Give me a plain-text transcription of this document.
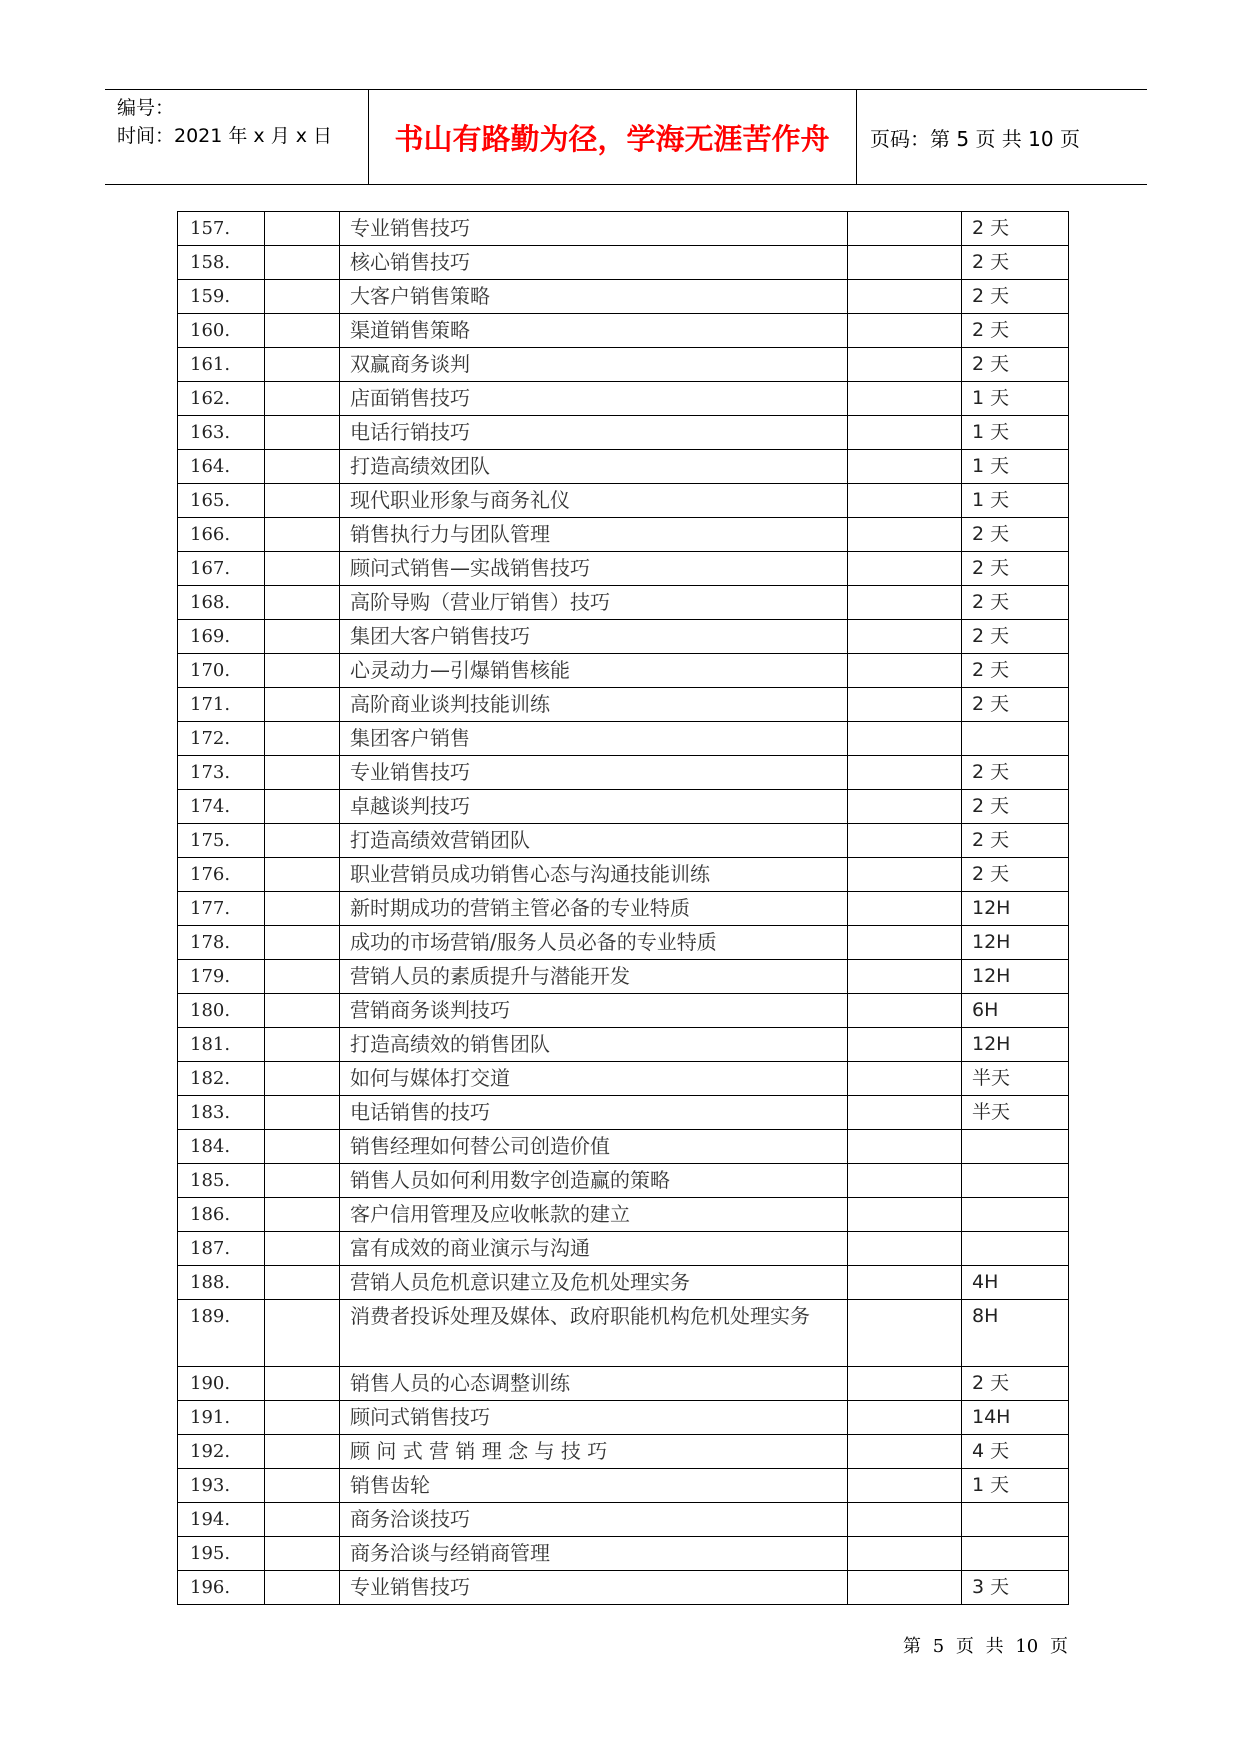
编号：
时间：2021 年 x 月 x 日	书山有路勤为径，学海无涯苦作舟	页码：第 5 页 共 10 页
157.		专业销售技巧		2 天
158.		核心销售技巧		2 天
159.		大客户销售策略		2 天
160.		渠道销售策略		2 天
161.		双赢商务谈判		2 天
162.		店面销售技巧		1 天
163.		电话行销技巧		1 天
164.		打造高绩效团队		1 天
165.		现代职业形象与商务礼仪		1 天
166.		销售执行力与团队管理		2 天
167.		顾问式销售—实战销售技巧		2 天
168.		高阶导购（营业厅销售）技巧		2 天
169.		集团大客户销售技巧		2 天
170.		心灵动力—引爆销售核能		2 天
171.		高阶商业谈判技能训练		2 天
172.		集团客户销售		
173.		专业销售技巧		2 天
174.		卓越谈判技巧		2 天
175.		打造高绩效营销团队		2 天
176.		职业营销员成功销售心态与沟通技能训练		2 天
177.		新时期成功的营销主管必备的专业特质		12H
178.		成功的市场营销/服务人员必备的专业特质		12H
179.		营销人员的素质提升与潜能开发		12H
180.		营销商务谈判技巧		6H
181.		打造高绩效的销售团队		12H
182.		如何与媒体打交道		半天
183.		电话销售的技巧		半天
184.		销售经理如何替公司创造价值		
185.		销售人员如何利用数字创造赢的策略		
186.		客户信用管理及应收帐款的建立		
187.		富有成效的商业演示与沟通		
188.		营销人员危机意识建立及危机处理实务		4H
189.		消费者投诉处理及媒体、政府职能机构危机处理实务		8H
190.		销售人员的心态调整训练		2 天
191.		顾问式销售技巧		14H
192.		顾 问 式 营 销 理 念 与 技 巧		4 天
193.		销售齿轮		1 天
194.		商务洽谈技巧		
195.		商务洽谈与经销商管理		
196.		专业销售技巧		3 天
第 5 页 共 10 页
